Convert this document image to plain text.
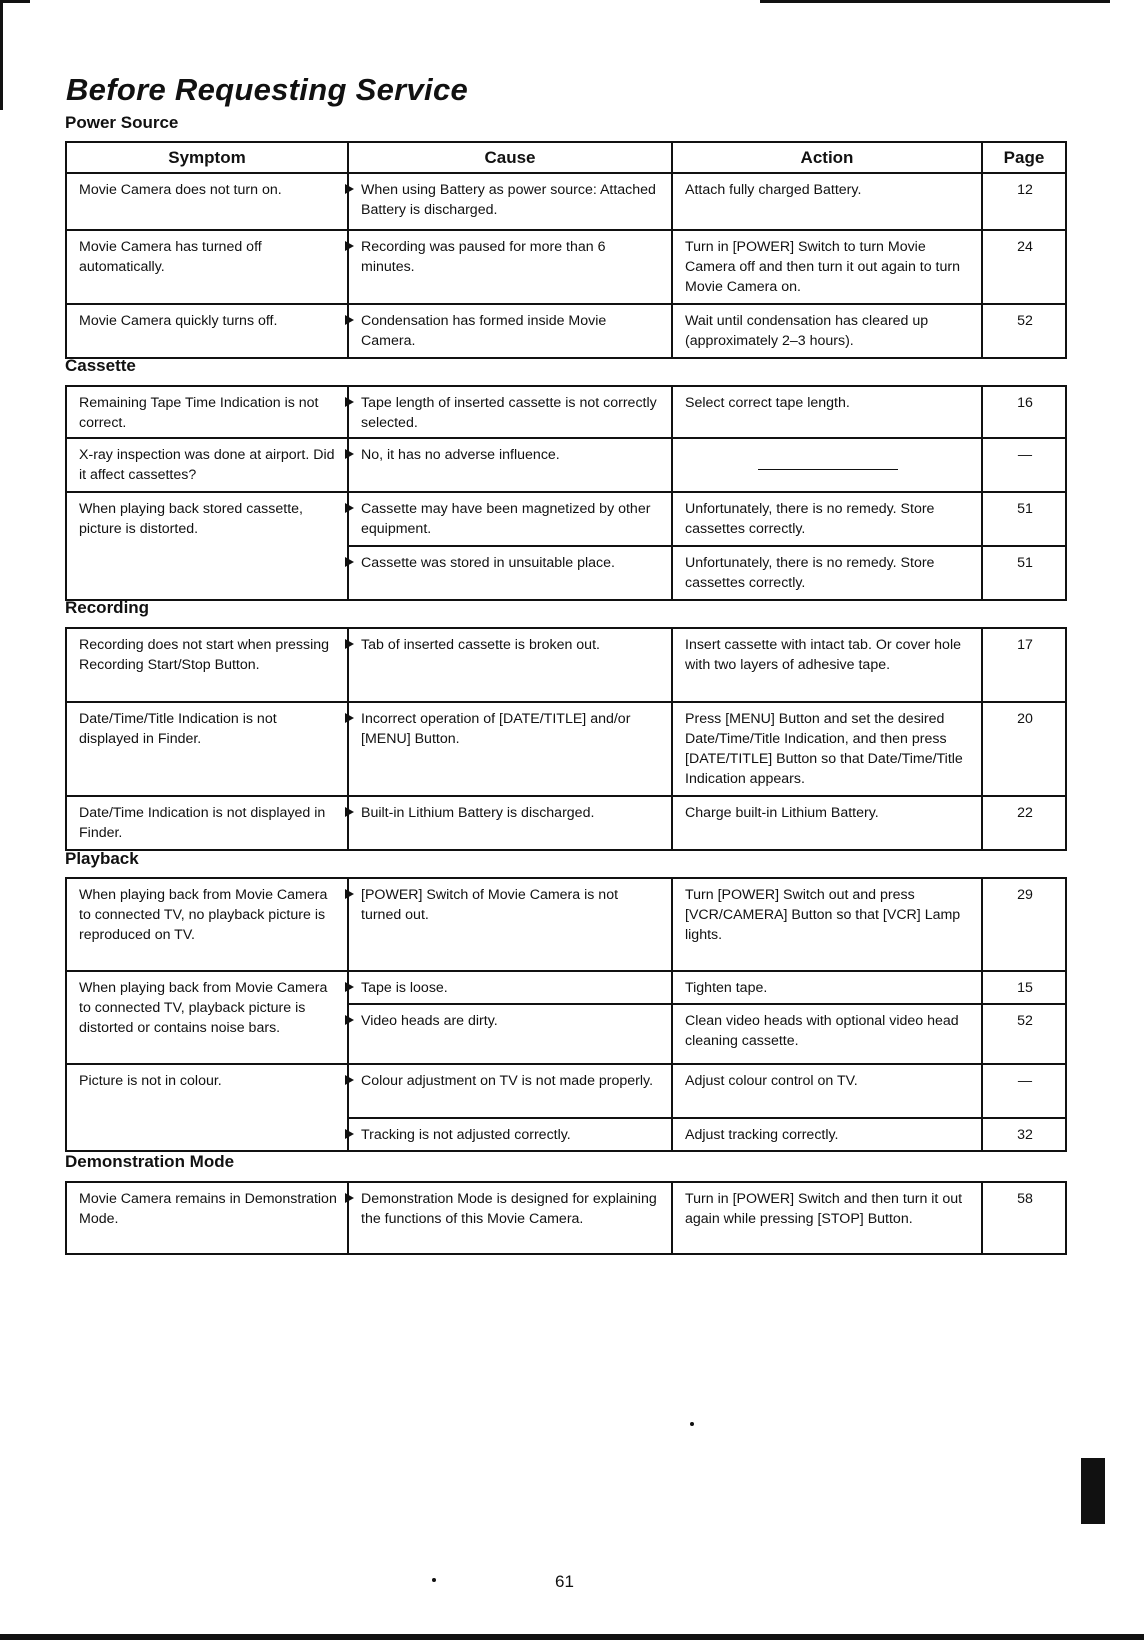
Before Requesting Service
Power Source
Symptom	Cause	Action	Page
Movie Camera does not turn on.	When using Battery as power source: Attached Battery is discharged.	Attach fully charged Battery.	12
Movie Camera has turned off automatically.	Recording was paused for more than 6 minutes.	Turn in [POWER] Switch to turn Movie Camera off and then turn it out again to turn Movie Camera on.	24
Movie Camera quickly turns off.	Condensation has formed inside Movie Camera.	Wait until condensation has cleared up (approximately 2–3 hours).	52
Cassette
Remaining Tape Time Indication is not correct.	Tape length of inserted cassette is not correctly selected.	Select correct tape length.	16
X-ray inspection was done at airport. Did it affect cassettes?	No, it has no adverse influence.		—
When playing back stored cassette, picture is distorted.	Cassette may have been magnetized by other equipment.	Unfortunately, there is no remedy. Store cassettes correctly.	51
	Cassette was stored in unsuitable place.	Unfortunately, there is no remedy. Store cassettes correctly.	51
Recording
Recording does not start when pressing Recording Start/Stop Button.	Tab of inserted cassette is broken out.	Insert cassette with intact tab. Or cover hole with two layers of adhesive tape.	17
Date/Time/Title Indication is not displayed in Finder.	Incorrect operation of [DATE/TITLE] and/or [MENU] Button.	Press [MENU] Button and set the desired Date/Time/Title Indication, and then press [DATE/TITLE] Button so that Date/Time/Title Indication appears.	20
Date/Time Indication is not displayed in Finder.	Built-in Lithium Battery is discharged.	Charge built-in Lithium Battery.	22
Playback
When playing back from Movie Camera to connected TV, no playback picture is reproduced on TV.	[POWER] Switch of Movie Camera is not turned out.	Turn [POWER] Switch out and press [VCR/CAMERA] Button so that [VCR] Lamp lights.	29
When playing back from Movie Camera to connected TV, playback picture is distorted or contains noise bars.	Tape is loose.	Tighten tape.	15
	Video heads are dirty.	Clean video heads with optional video head cleaning cassette.	52
Picture is not in colour.	Colour adjustment on TV is not made properly.	Adjust colour control on TV.	—
	Tracking is not adjusted correctly.	Adjust tracking correctly.	32
Demonstration Mode
Movie Camera remains in Demonstration Mode.	Demonstration Mode is designed for explaining the functions of this Movie Camera.	Turn in [POWER] Switch and then turn it out again while pressing [STOP] Button.	58
61
